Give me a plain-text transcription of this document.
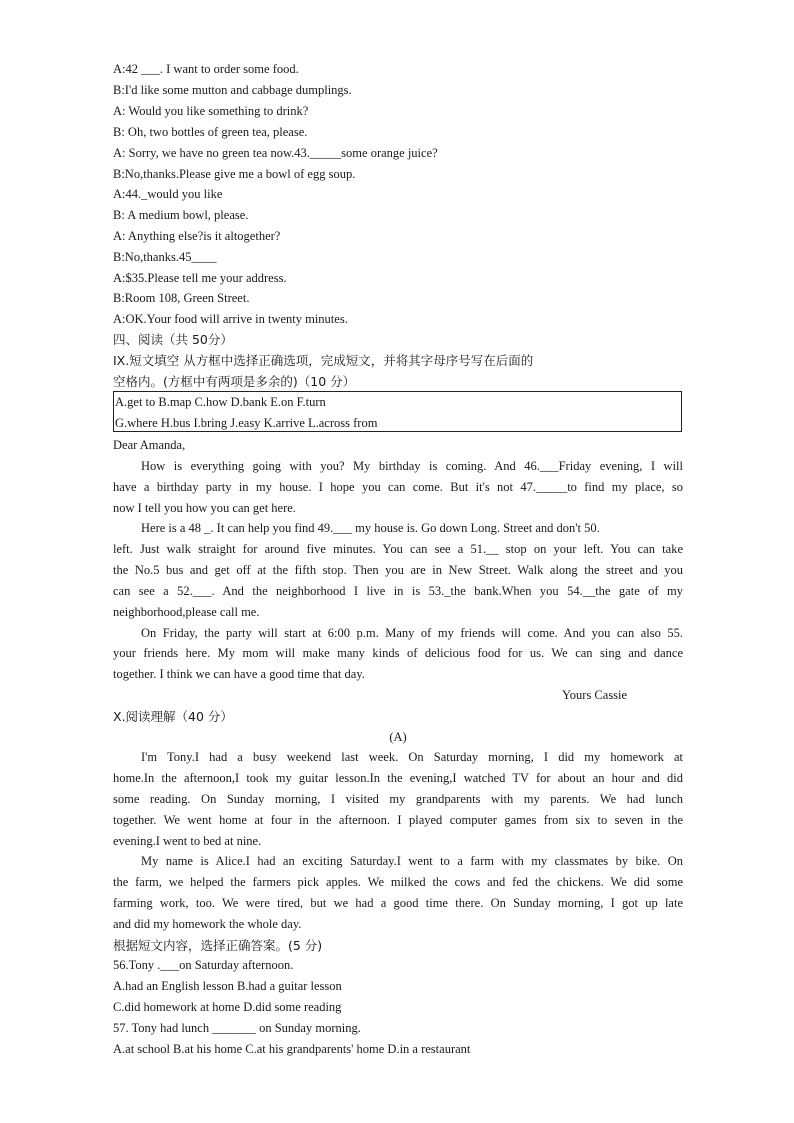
A:42 ___. I want to order some food.
B:I'd like some mutton and cabbage dumplings.
A: Would you like something to drink?
B: Oh, two bottles of green tea, please.
A: Sorry, we have no green tea now.43._____some orange juice?
B:No,thanks.Please give me a bowl of egg soup.
A:44._would you like
B: A medium bowl, please.
A: Anything else?is it altogether?
B:No,thanks.45____
A:$35.Please tell me your address.
B:Room 108, Green Street.
A:OK.Your food will arrive in twenty minutes.
四、阅读（共 50分）
IX.短文填空 从方框中选择正确选项，完成短文，并将其字母序号写在后面的
空格内。(方框中有两项是多余的)（10 分）
A.get to B.map C.how D.bank E.on F.turn
G.where H.bus I.bring J.easy K.arrive L.across from
Dear Amanda,
How is everything going with you? My birthday is coming. And 46.___Friday evening, I will
have a birthday party in my house. I hope you can come. But it's not 47._____to find my place, so
now I tell you how you can get here.
Here is a 48 _. It can help you find 49.___ my house is. Go down Long. Street and don't 50.
left. Just walk straight for around five minutes. You can see a 51.__ stop on your left. You can take
the No.5 bus and get off at the fifth stop. Then you are in New Street. Walk along the street and you
can see a 52.___. And the neighborhood I live in is 53._the bank.When you 54.__the gate of my
neighborhood,please call me.
On Friday, the party will start at 6:00 p.m. Many of my friends will come. And you can also 55.
your friends here. My mom will make many kinds of delicious food for us. We can sing and dance
together. I think we can have a good time that day.
Yours Cassie
X.阅读理解（40 分）
(A)
I'm Tony.I had a busy weekend last week. On Saturday morning, I did my homework at
home.In the afternoon,I took my guitar lesson.In the evening,I watched TV for about an hour and did
some reading. On Sunday morning, I visited my grandparents with my parents. We had lunch
together. We went home at four in the afternoon. I played computer games from six to seven in the
evening.I went to bed at nine.
My name is Alice.I had an exciting Saturday.I went to a farm with my classmates by bike. On
the farm, we helped the farmers pick apples. We milked the cows and fed the chickens. We did some
farming work, too. We were tired, but we had a good time there. On Sunday morning, I got up late
and did my homework the whole day.
根据短文内容，选择正确答案。(5 分)
56.Tony .___on Saturday afternoon.
A.had an English lesson B.had a guitar lesson
C.did homework at home D.did some reading
57. Tony had lunch _______ on Sunday morning.
A.at school B.at his home C.at his grandparents' home D.in a restaurant
